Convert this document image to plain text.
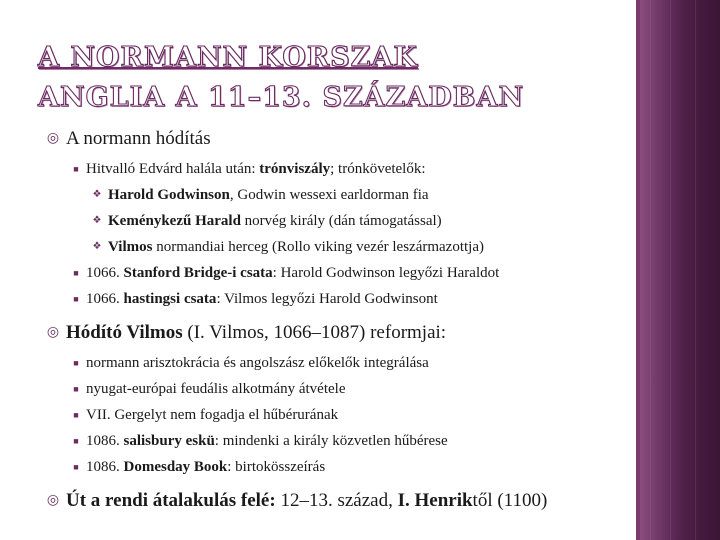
A NORMANN KORSZAK
ANGLIA A 11–13. SZÁZADBAN
◎ A normann hódítás
■ Hitvalló Edvárd halála után: trónviszály; trónkövetelők:
❖ Harold Godwinson, Godwin wessexi earldorman fia
❖ Keménykezű Harald norvég király (dán támogatással)
❖ Vilmos normandiai herceg (Rollo viking vezér leszármazottja)
■ 1066. Stanford Bridge-i csata: Harold Godwinson legyőzi Haraldot
■ 1066. hastingsi csata: Vilmos legyőzi Harold Godwinsont
◎ Hódító Vilmos (I. Vilmos, 1066–1087) reformjai:
■ normann arisztokrácia és angolszász előkelők integrálása
■ nyugat-európai feudális alkotmány átvétele
■ VII. Gergelyt nem fogadja el hűbérurának
■ 1086. salisbury eskü: mindenki a király közvetlen hűbérese
■ 1086. Domesday Book: birtokösszeírás
◎ Út a rendi átalakulás felé: 12–13. század, I. Henriktől (1100)
